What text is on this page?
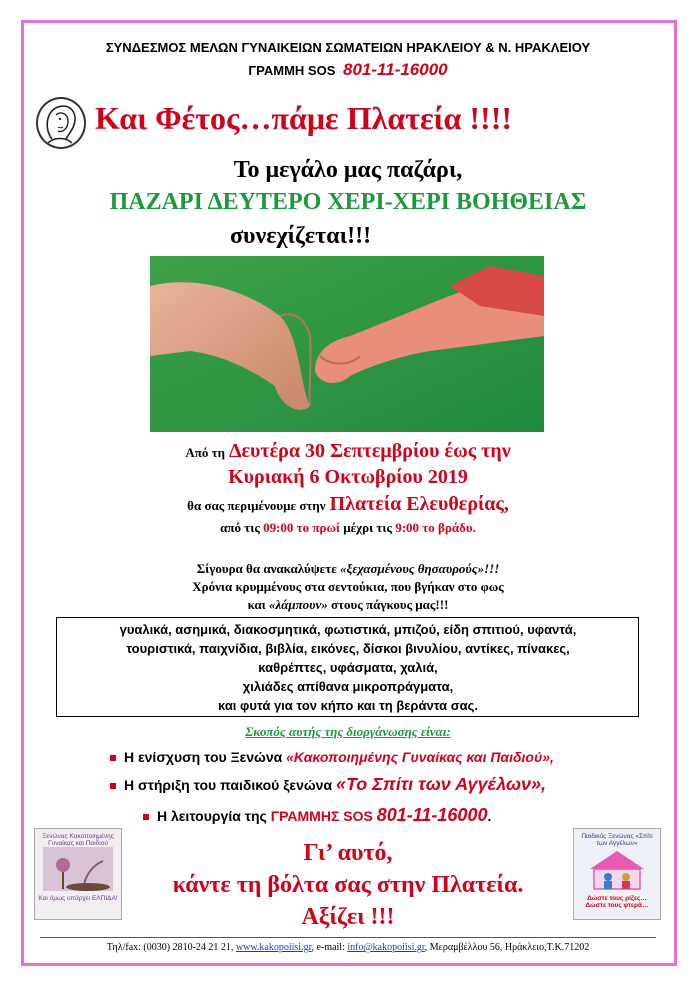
ΣΥΝΔΕΣΜΟΣ ΜΕΛΩΝ ΓΥΝΑΙΚΕΙΩΝ ΣΩΜΑΤΕΙΩΝ ΗΡΑΚΛΕΙΟΥ & Ν. ΗΡΑΚΛΕΙΟΥ
ΓΡΑΜΜΗ SOS 801-11-16000
Και Φέτος…πάμε Πλατεία !!!!
Το μεγάλο μας παζάρι,
ΠΑΖΑΡΙ ΔΕΥΤΕΡΟ ΧΕΡΙ-ΧΕΡΙ ΒΟΗΘΕΙΑΣ
συνεχίζεται!!!
Από τη Δευτέρα 30 Σεπτεμβρίου έως την
Κυριακή 6 Οκτωβρίου 2019
θα σας περιμένουμε στην Πλατεία Ελευθερίας,
από τις 09:00 το πρωί μέχρι τις 9:00 το βράδυ.
Σίγουρα θα ανακαλύψετε «ξεχασμένους θησαυρούς»!!!
Χρόνια κρυμμένους στα σεντούκια, που βγήκαν στο φως
και «λάμπουν» στους πάγκους μας!!!
γυαλικά, ασημικά, διακοσμητικά, φωτιστικά, μπιζού, είδη σπιτιού, υφαντά,
τουριστικά, παιχνίδια, βιβλία, εικόνες, δίσκοι βινυλίου, αντίκες, πίνακες,
καθρέπτες, υφάσματα, χαλιά,
χιλιάδες απίθανα μικροπράγματα,
και φυτά για τον κήπο και τη βεράντα σας.
Σκοπός αυτής της διοργάνωσης είναι:
Η ενίσχυση του Ξενώνα «Κακοποιημένης Γυναίκας και Παιδιού»,
Η στήριξη του παιδικού ξενώνα «Το Σπίτι των Αγγέλων»,
Η λειτουργία της ΓΡΑΜΜΗΣ SOS 801-11-16000.
Ξενώνας Κακοποιημένης Γυναίκας και Παιδιού
Και όμως υπάρχει ΕΛΠΙΔΑ!
Παιδικός Ξενώνας «Σπίτι των Αγγέλων»
Δώστε τους ρίζες… Δώστε τους φτερά…
Γι’ αυτό,
κάντε τη βόλτα σας στην Πλατεία.
Αξίζει !!!
Τηλ/fax: (0030) 2810-24 21 21, www.kakopoiisi.gr, e-mail: info@kakopoiisi.gr, Μεραμβέλλου 56, Ηράκλειο,Τ.Κ.71202
